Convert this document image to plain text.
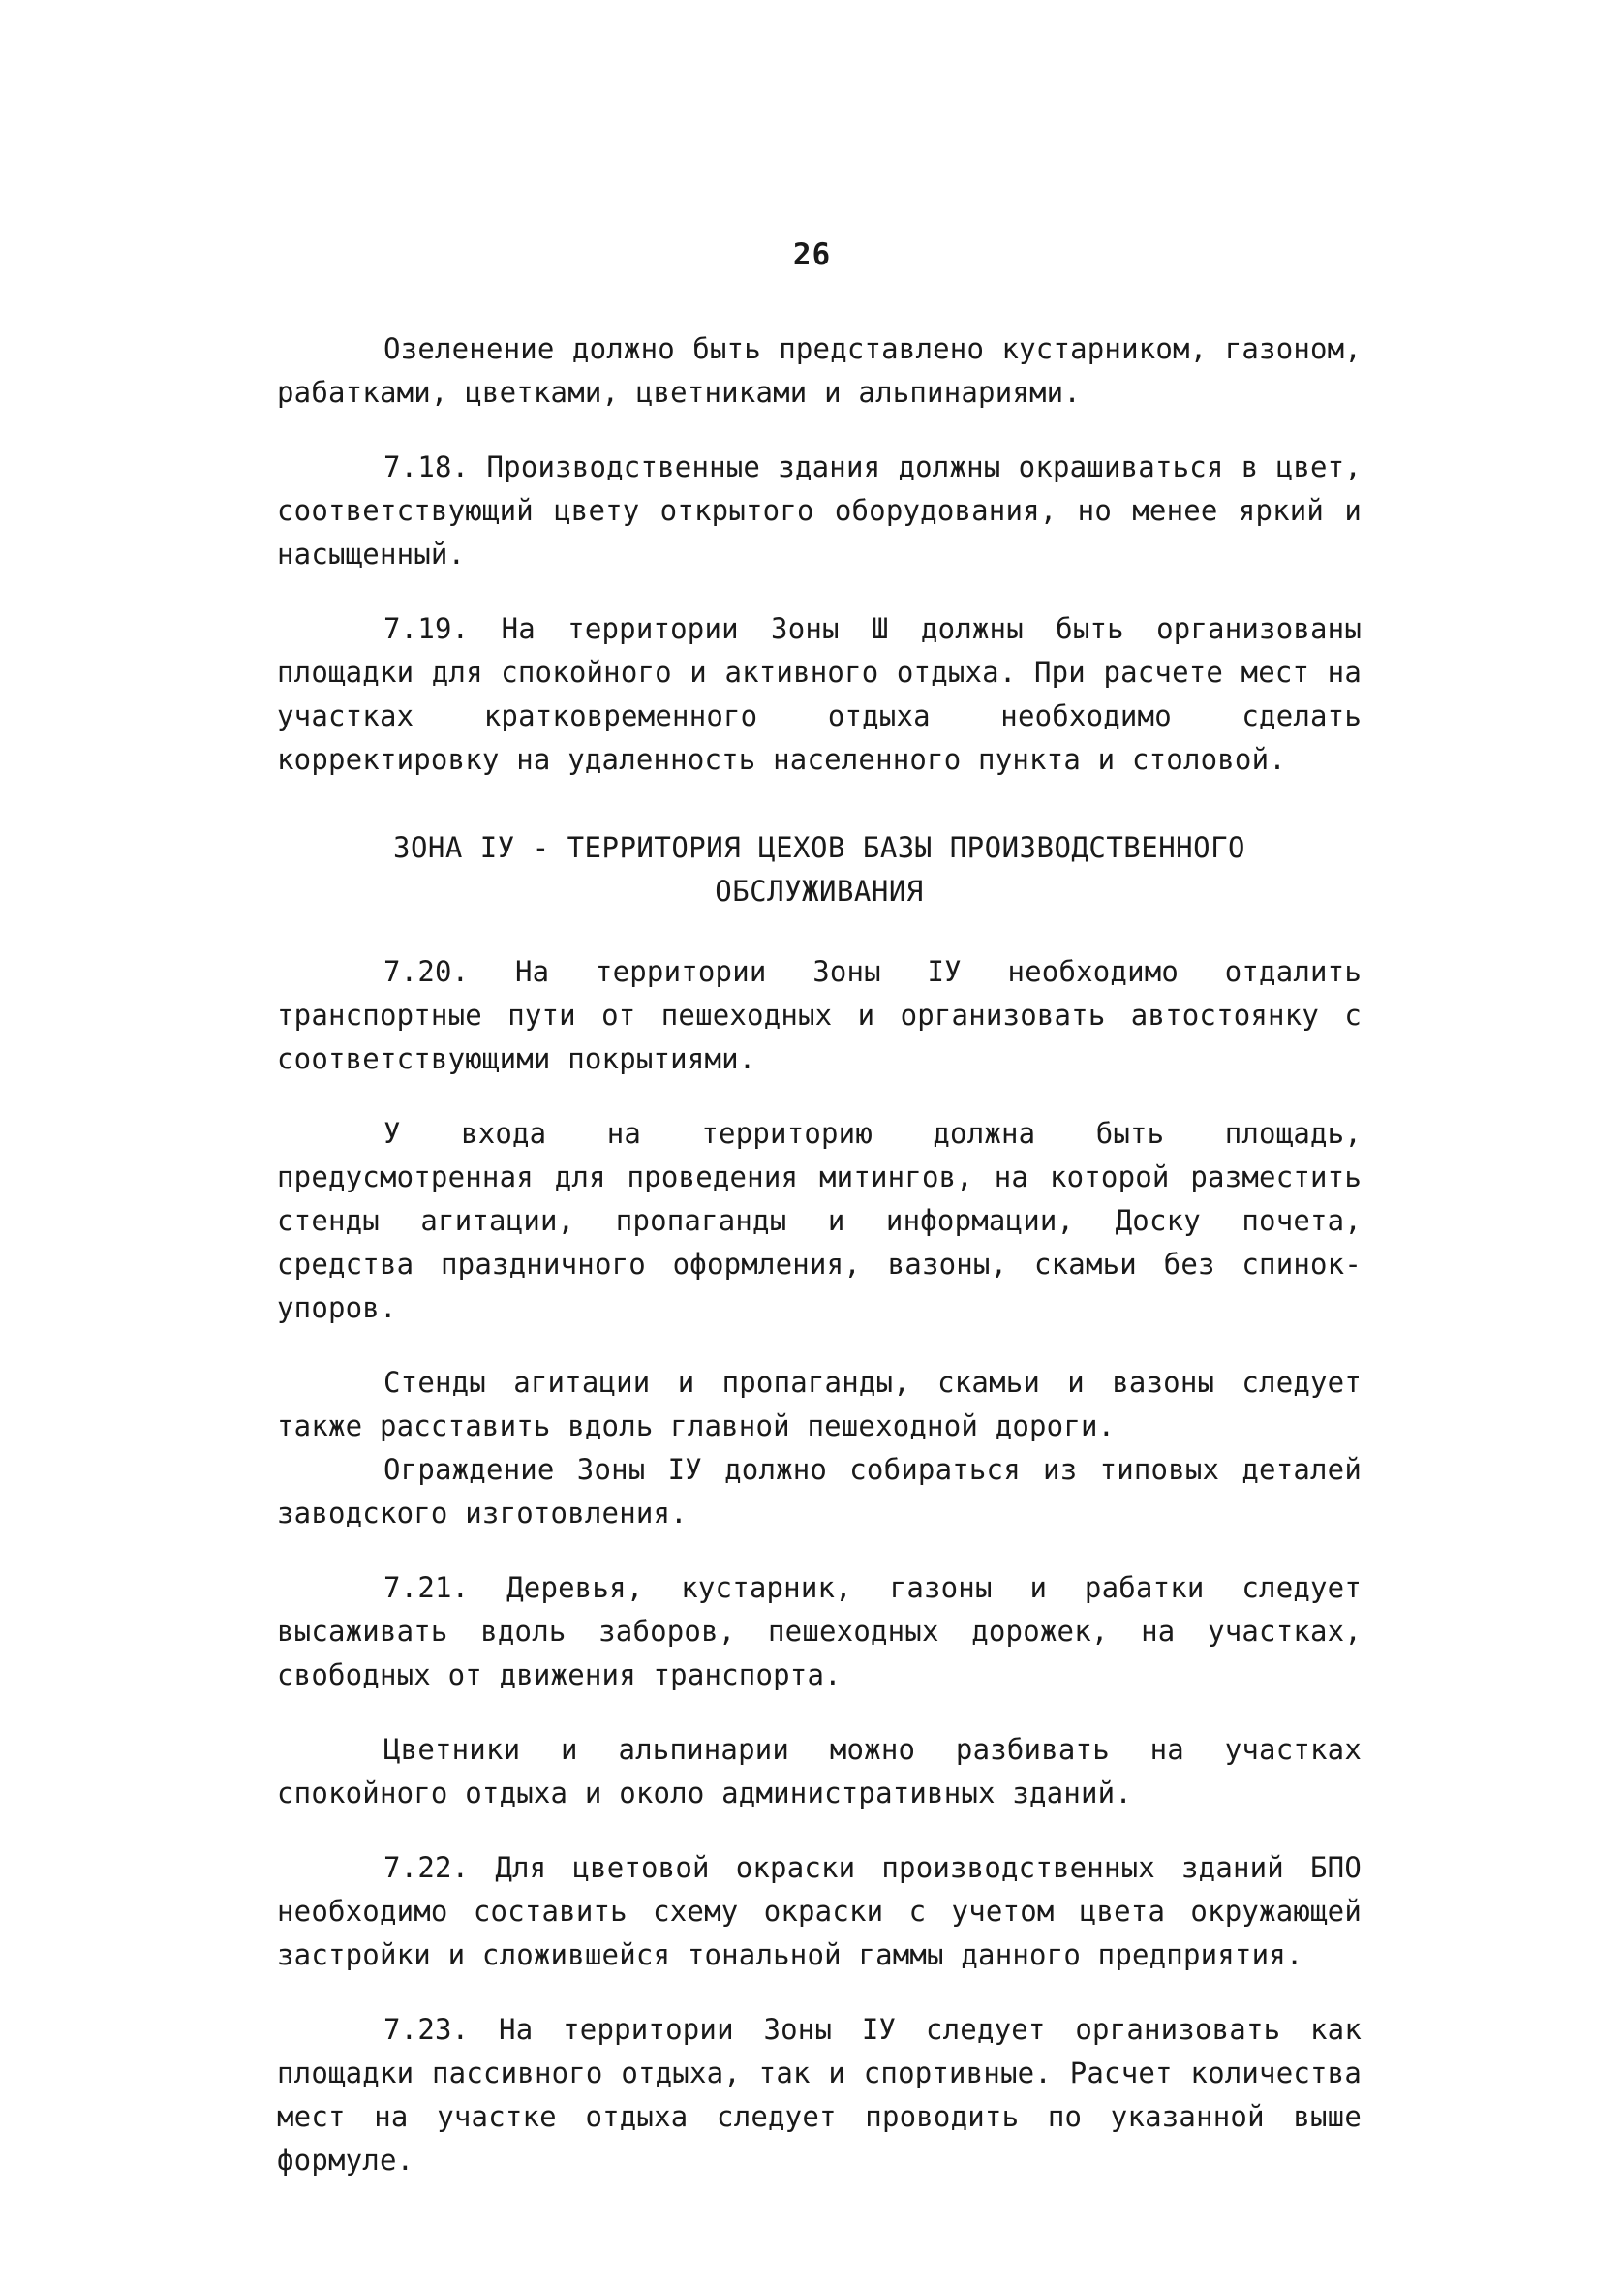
26

Озеленение должно быть представлено кустарником, газоном, рабатками, цветками, цветниками и альпинариями.

7.18. Производственные здания должны окрашиваться в цвет, соответствующий цвету открытого оборудования, но менее яркий и насыщенный.

7.19. На территории Зоны Ш должны быть организованы площадки для спокойного и активного отдыха. При расчете мест на участках кратковременного отдыха необходимо сделать корректировку на удаленность населенного пункта и столовой.

ЗОНА IУ - ТЕРРИТОРИЯ ЦЕХОВ БАЗЫ ПРОИЗВОДСТВЕННОГО
ОБСЛУЖИВАНИЯ

7.20. На территории Зоны IУ необходимо отдалить транспортные пути от пешеходных и организовать автостоянку с соответствующими покрытиями.

У входа на территорию должна быть площадь, предусмотренная для проведения митингов, на которой разместить стенды агитации, пропаганды и информации, Доску почета, средства праздничного оформления, вазоны, скамьи без спинок-упоров.

Стенды агитации и пропаганды, скамьи и вазоны следует также расставить вдоль главной пешеходной дороги.

Ограждение Зоны IУ должно собираться из типовых деталей заводского изготовления.

7.21. Деревья, кустарник, газоны и рабатки следует высаживать вдоль заборов, пешеходных дорожек, на участках, свободных от движения транспорта.

Цветники и альпинарии можно разбивать на участках спокойного отдыха и около административных зданий.

7.22. Для цветовой окраски производственных зданий БПО необходимо составить схему окраски с учетом цвета окружающей застройки и сложившейся тональной гаммы данного предприятия.

7.23. На территории Зоны IУ следует организовать как площадки пассивного отдыха, так и спортивные. Расчет количества мест на участке отдыха следует проводить по указанной выше формуле.
